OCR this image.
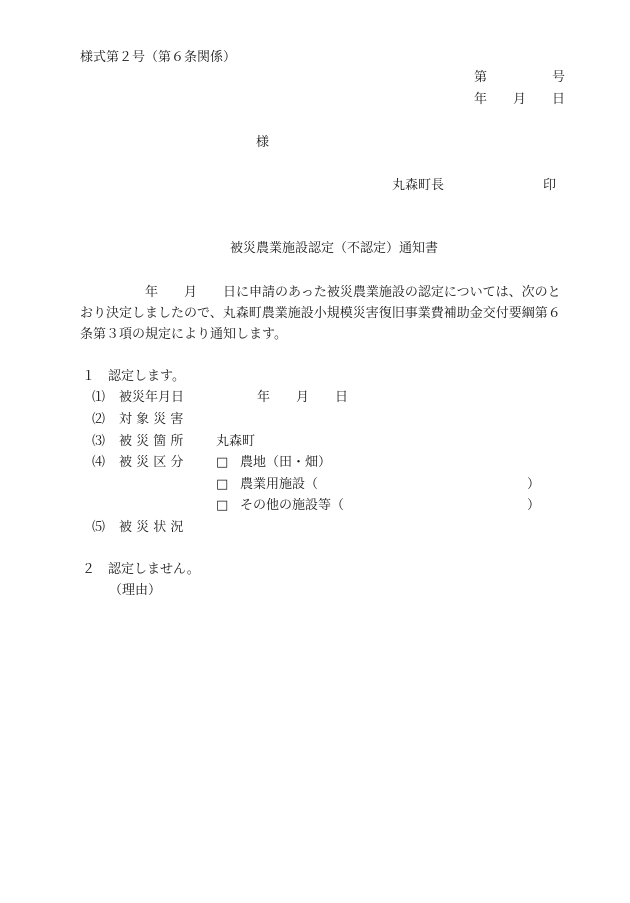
様式第２号（第６条関係）
第　　　　　号
年　　月　　日
様
丸森町長	印
被災農業施設認定（不認定）通知書
　　　　　年　　月　　日に申請のあった被災農業施設の認定については、次のと
おり決定しましたので、丸森町農業施設小規模災害復旧事業費補助金交付要綱第６
条第３項の規定により通知します。
１　認定します。
⑴ 被災年月日 　　　　年　　月　　日
⑵ 対 象 災 害
⑶ 被 災 箇 所	丸森町
⑷ 被 災 区 分	□ 農地（田・畑）
□ 農業用施設（	）
□ その他の施設等（	）
⑸ 被 災 状 況
２　認定しません。
（理由）
